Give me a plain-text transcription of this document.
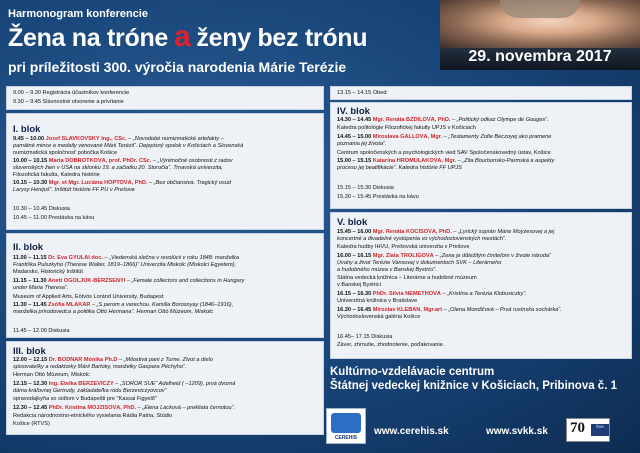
Harmonogram konferencie
Žena na tróne a ženy bez trónu
pri príležitosti 300. výročia narodenia Márie Terézie
29. novembra 2017
9.00 – 9.30 Registrácia účastníkov konferencie
9.30 – 9.45 Slávnostné otvorenie a privítanie
I. blok
9.45 – 10.00 Jozef SLAVKOVSKÝ Ing., CSc. – „Novodobé numizmatické artefakty –
pamätné mince a medaily venované Márii Terézii“. Dejepisný spolok v Košiciach a Slovenská
numizmatická spoločnosť pobočka Košice
10.00 – 10.15 Marta DOBROTKOVÁ, prof. PhDr. CSc. – „Výnimočné osobnosti z radov
slovenských žien v USA na sklonku 19. a začiatku 20. Storočia“. Trnavská univerzita,
Filozofická fakulta, Katedra histórie
10.15 – 10.30 Mgr. et Mgr. Luciána HOPTOVÁ, PhD. – „Bez občianstva. Tragický osud
Larysy Henijuš“. Inštitút histórie FF PU v Prešove
10.30 – 10.45 Diskusia
10.45 – 11.00 Prestávka na kávu
II. blok
11.00 – 11.15 Dr. Éva GYULAI doc. – „Viedenská slečna v revolúcii v roku 1848: manželka
Františka Pulszkyho (Therese Walter, 1819–1866)“ Univerzita Miskolc (Miskolci Egyetem),
Madarsko, Historický Inštitút
11.15 – 11.30 Anett OGOLJUK-BERZSENYI – „Female collectors and collections in Hungary
under Maria Theresa“.
Museum of Applied Arts, Eötvös Loránd University, Budapest
11.30 – 11.45 Zsófia MLAKÁR – „S perom a varechou. Kamilla Borosnyay (1846–1916),
manželka prírodovedca a politika Ottó Hermana“. Herman Ottó Múzeum, Miskolc
11.45 – 12.00 Diskusia
III. blok
12.00 – 12.15 Dr. BODNÁR Mónika Ph.D – „Milostivá pani z Turne. Život a dielo
spisovateľky a redaktorky Márii Bartoky, manželky Gaspara Péchyho“.
Herman Ottó Múzeum, Miskolc
12.15 – 12.30 Ing. Etelka BERZEVICZY – „SOROR SUE“ Adelheid ( –1209), prvá dvorná
dáma kráľovnej Gertrudy, zakladateľka rodu Berzeviczyovcov“
spravodajkyňa so sídlom v Budapešti pre "Kassai Figyelő"
12.30 – 12.45 PhDr. Kristína MOJŽIŠOVÁ, PhD. – „Elena Lacková – prekliata černotou“.
Redakcia národnostno-etnického vysielania Rádia Patria, Štúdio
Košice (RTVS)
13.15 – 14.15 Obed
IV. blok
14.30 – 14.45 Mgr. Renáta BZDILOVÁ, PhD. – „Politický odkaz Olympe de Gouges“.
Katedra politológie Filozofickej fakulty UPJŠ v Košiciach
14.45 – 15.00 Miroslava GALLOVÁ, Mgr. – „Testamenty Žofie Beczoyej ako pramene
poznania jej života“.
Centrum spoločenských a psychologických vied SAV Spoločenskovedný ústav, Košice
15.00 – 15.15 Katarína HROMULÁKOVÁ, Mgr. – „Žita Bourbonsko-Parmská a aspekty
procesu jej beatifikácie“. Katedra histórie FF UPJŠ
15.15 – 15.30 Diskusia
15.30 – 15.45 Prestávka na kávu
V. blok
15.45 – 16.00 Mgr. Renáta KOČIŠOVÁ, PhD. – „Lyrický soprán Márie Moyzesovej a jej
koncertné a divadelné vystúpenia vo východoslovenských mestách“.
Katedra hudby IHVU, Prešovská univerzita v Prešove
16.00 – 16.15 Mgr. Zlata TROLIGOVÁ – „Žena je dôležitým činiteľom v živote národa“
Úvahy a život Terézie Vansovej v dokumentoch ŠVK – Literárneho
a hudobného múzea v Banskej Bystrici“.
Štátna vedecká knižnica – Literárne a hudobné múzeum
v Banskej Bystrici
16.15 – 16.30 PhDr. Silvia NÉMETHOVÁ – „Kristína a Terézia Klobusiczky“.
Univerzitná knižnica v Bratislave
16.30 – 16.45 Miroslav KLEBAN, Mgr.art – „Olena Mondičová – Prvá rusínska sochárka“.
Východoslovenská galéria Košice
16.45– 17.15 Diskusia
Záver, zhrnutie, zhodnotenie, poďakovanie.
Kultúrno-vzdelávacie centrum
Štátnej vedeckej knižnice v Košiciach, Pribinova č. 1
CEREHIS
www.cerehis.sk	www.svkk.sk 70	ŠVK
